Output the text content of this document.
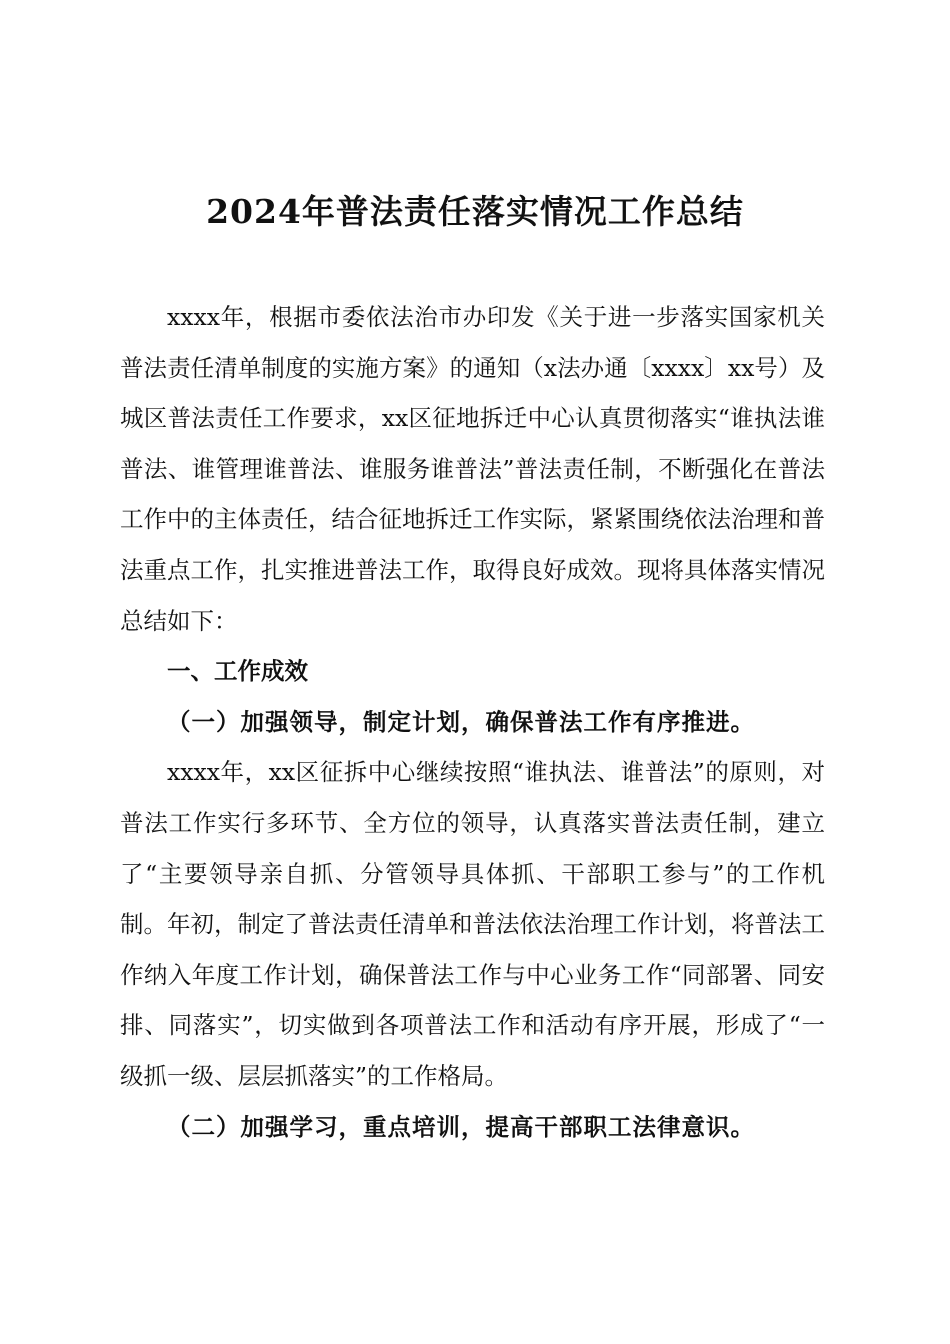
2024年普法责任落实情况工作总结

xxxx年，根据市委依法治市办印发《关于进一步落实国家机关普法责任清单制度的实施方案》的通知（x法办通〔xxxx〕xx号）及城区普法责任工作要求，xx区征地拆迁中心认真贯彻落实“谁执法谁普法、谁管理谁普法、谁服务谁普法”普法责任制，不断强化在普法工作中的主体责任，结合征地拆迁工作实际，紧紧围绕依法治理和普法重点工作，扎实推进普法工作，取得良好成效。现将具体落实情况总结如下：

一、工作成效

（一）加强领导，制定计划，确保普法工作有序推进。

xxxx年，xx区征拆中心继续按照“谁执法、谁普法”的原则，对普法工作实行多环节、全方位的领导，认真落实普法责任制，建立了“主要领导亲自抓、分管领导具体抓、干部职工参与”的工作机制。年初，制定了普法责任清单和普法依法治理工作计划，将普法工作纳入年度工作计划，确保普法工作与中心业务工作“同部署、同安排、同落实”，切实做到各项普法工作和活动有序开展，形成了“一级抓一级、层层抓落实”的工作格局。

（二）加强学习，重点培训，提高干部职工法律意识。
